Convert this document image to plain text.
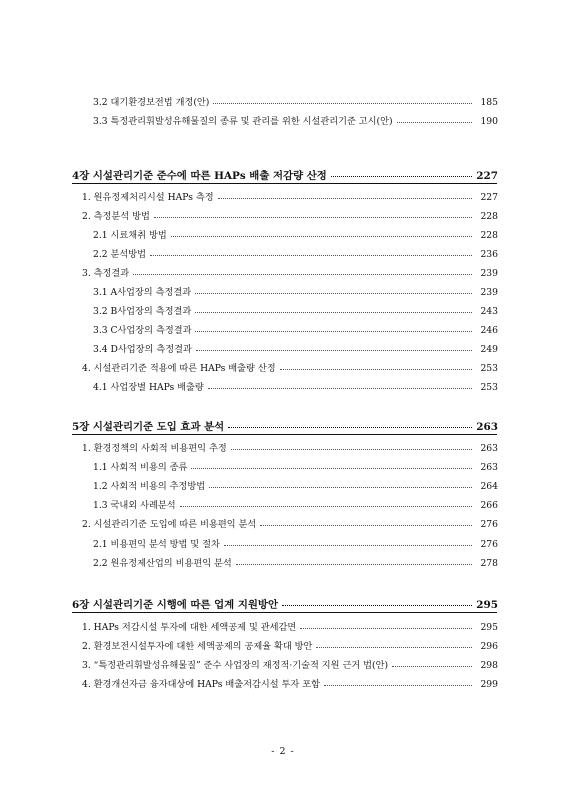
3.2 대기환경보전법 개정(안)	185
3.3 특정관리휘발성유해물질의 종류 및 관리를 위한 시설관리기준 고시(안)	190
4장 시설관리기준 준수에 따른 HAPs 배출 저감량 산정	227
1. 원유정제처리시설 HAPs 측정	227
2. 측정분석 방법	228
2.1 시료채취 방법	228
2.2 분석방법	236
3. 측정결과	239
3.1 A사업장의 측정결과	239
3.2 B사업장의 측정결과	243
3.3 C사업장의 측정결과	246
3.4 D사업장의 측정결과	249
4. 시설관리기준 적용에 따른 HAPs 배출량 산정	253
4.1 사업장별 HAPs 배출량	253
5장 시설관리기준 도입 효과 분석	263
1. 환경정책의 사회적 비용편익 추정	263
1.1 사회적 비용의 종류	263
1.2 사회적 비용의 추정방법	264
1.3 국내외 사례분석	266
2. 시설관리기준 도입에 따른 비용편익 분석	276
2.1 비용편익 분석 방법 및 절차	276
2.2 원유정제산업의 비용편익 분석	278
6장 시설관리기준 시행에 따른 업계 지원방안	295
1. HAPs 저감시설 투자에 대한 세액공제 및 관세감면	295
2. 환경보전시설투자에 대한 세액공제의 공제율 확대 방안	296
3. “특정관리휘발성유해물질” 준수 사업장의 재정적·기술적 지원 근거 법(안)	298
4. 환경개선자금 융자대상에 HAPs 배출저감시설 투자 포함	299
- 2 -
